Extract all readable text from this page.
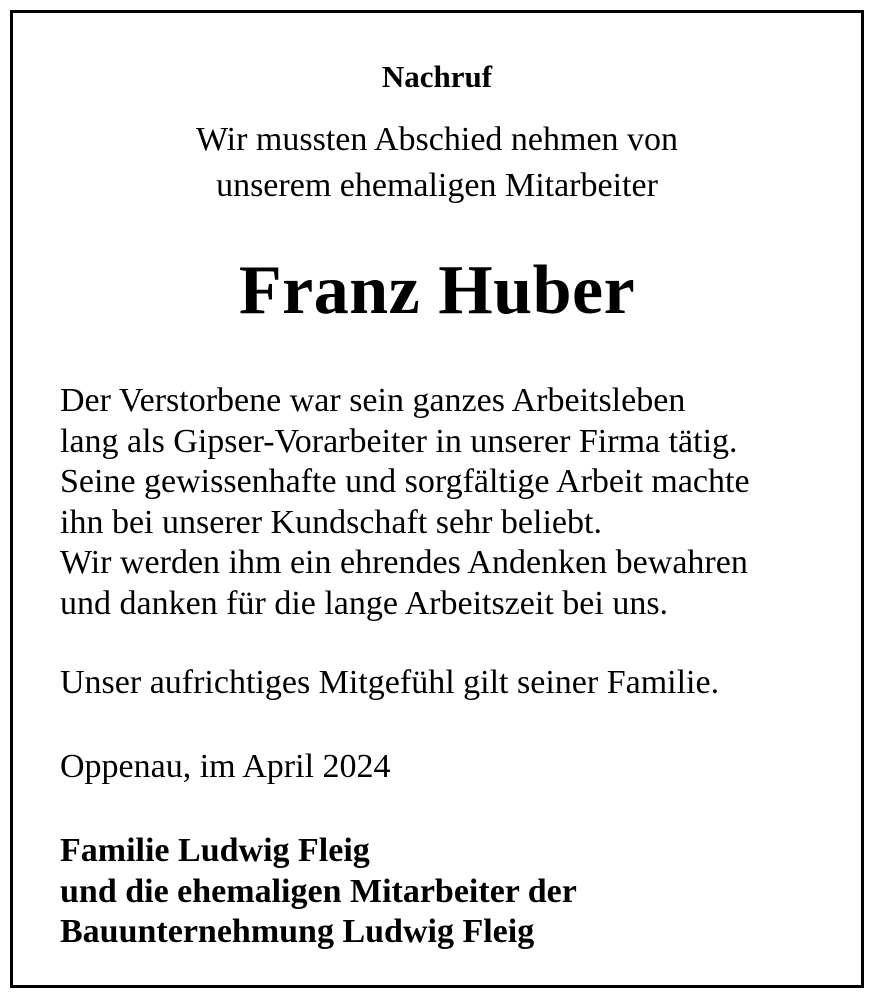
Nachruf
Wir mussten Abschied nehmen von
unserem ehemaligen Mitarbeiter
Franz Huber
Der Verstorbene war sein ganzes Arbeitsleben
lang als Gipser-Vorarbeiter in unserer Firma tätig.
Seine gewissenhafte und sorgfältige Arbeit machte
ihn bei unserer Kundschaft sehr beliebt.
Wir werden ihm ein ehrendes Andenken bewahren
und danken für die lange Arbeitszeit bei uns.
Unser aufrichtiges Mitgefühl gilt seiner Familie.
Oppenau, im April 2024
Familie Ludwig Fleig
und die ehemaligen Mitarbeiter der
Bauunternehmung Ludwig Fleig
